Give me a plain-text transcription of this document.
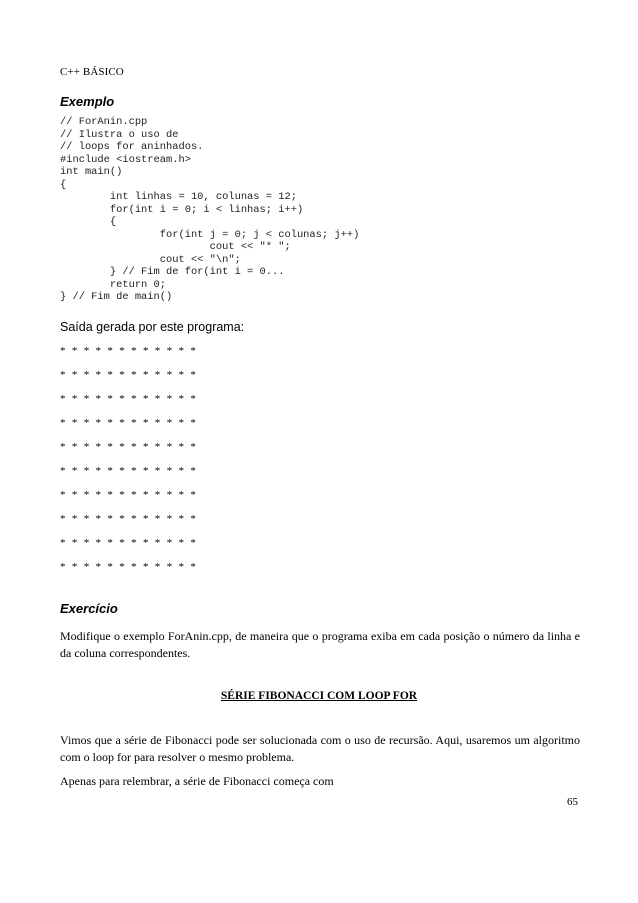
C++ BÁSICO
Exemplo
// ForAnin.cpp
// Ilustra o uso de
// loops for aninhados.
#include <iostream.h>
int main()
{
int linhas = 10, colunas = 12;
for(int i = 0; i < linhas; i++)
{
for(int j = 0; j < colunas; j++)
cout << "* ";
cout << "\n";
} // Fim de for(int i = 0...
return 0;
} // Fim de main()
Saída gerada por este programa:
* * * * * * * * * * * *
* * * * * * * * * * * *
* * * * * * * * * * * *
* * * * * * * * * * * *
* * * * * * * * * * * *
* * * * * * * * * * * *
* * * * * * * * * * * *
* * * * * * * * * * * *
* * * * * * * * * * * *
* * * * * * * * * * * *
Exercício

Modifique o exemplo ForAnin.cpp, de maneira que o programa exiba em cada posição o número da linha e da coluna correspondentes.

SÉRIE FIBONACCI COM LOOP FOR

Vimos que a série de Fibonacci pode ser solucionada com o uso de recursão. Aqui, usaremos um algoritmo com o loop for para resolver o mesmo problema.

Apenas para relembrar, a série de Fibonacci começa com

65
